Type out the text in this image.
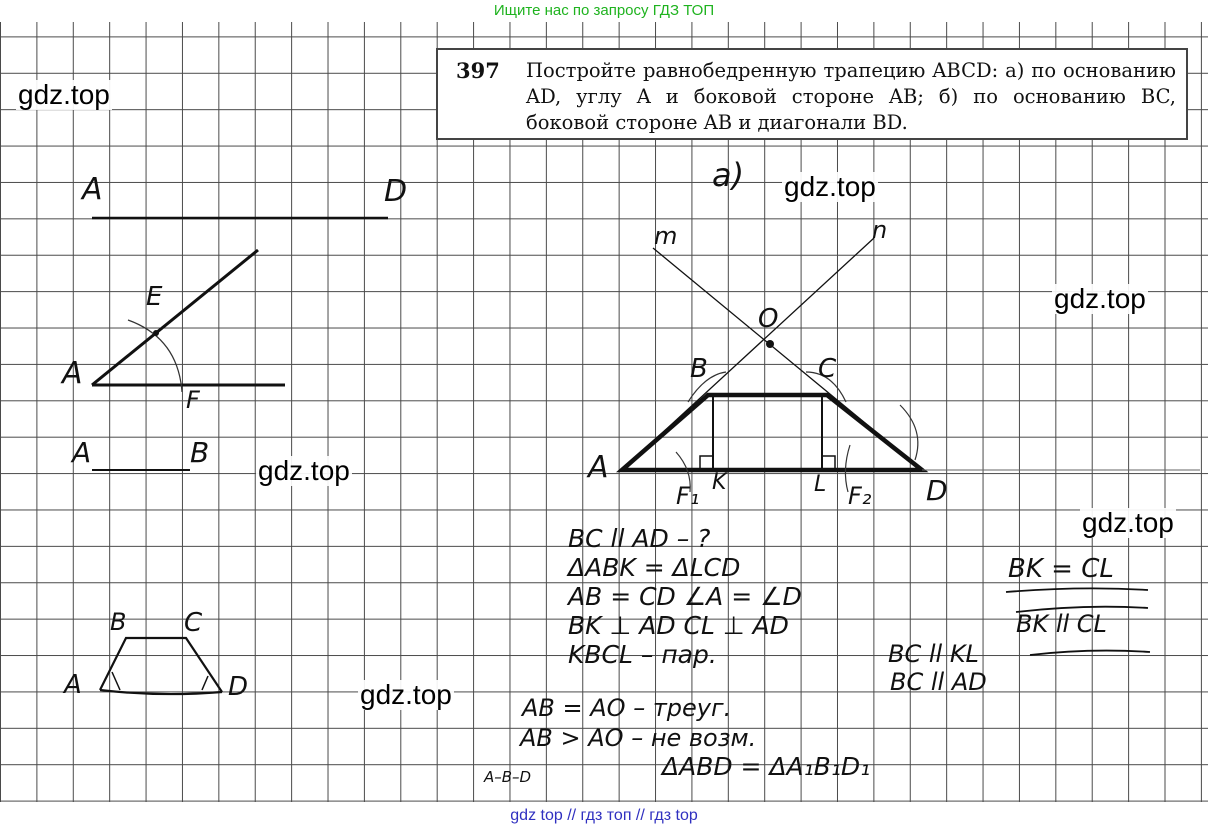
Ищите нас по запросу ГДЗ ТОП
397 Постройте равнобедренную трапецию ABCD: а) по основанию AD, углу A и боковой стороне AB; б) по основанию BC, боковой стороне AB и диагонали BD.
A	D
E
A
F
A	B
B C
A	D
а)
m	n
O
B	C
A
D
F₁ K	L F₂
BC ll AD – ?
ΔABK = ΔLCD
AB = CD ∠A = ∠D
BK ⊥ AD CL ⊥ AD
KBCL – пар.
BK = CL
BK ll CL
BC ll KL
BC ll AD
AB = AO – треуг.
AB > AO – не возм.
ΔABD = ΔA₁B₁D₁
A–B–D
gdz.top
gdz.top
gdz.top
gdz.top
gdz.top
gdz.top
gdz top // гдз топ // гдз top
